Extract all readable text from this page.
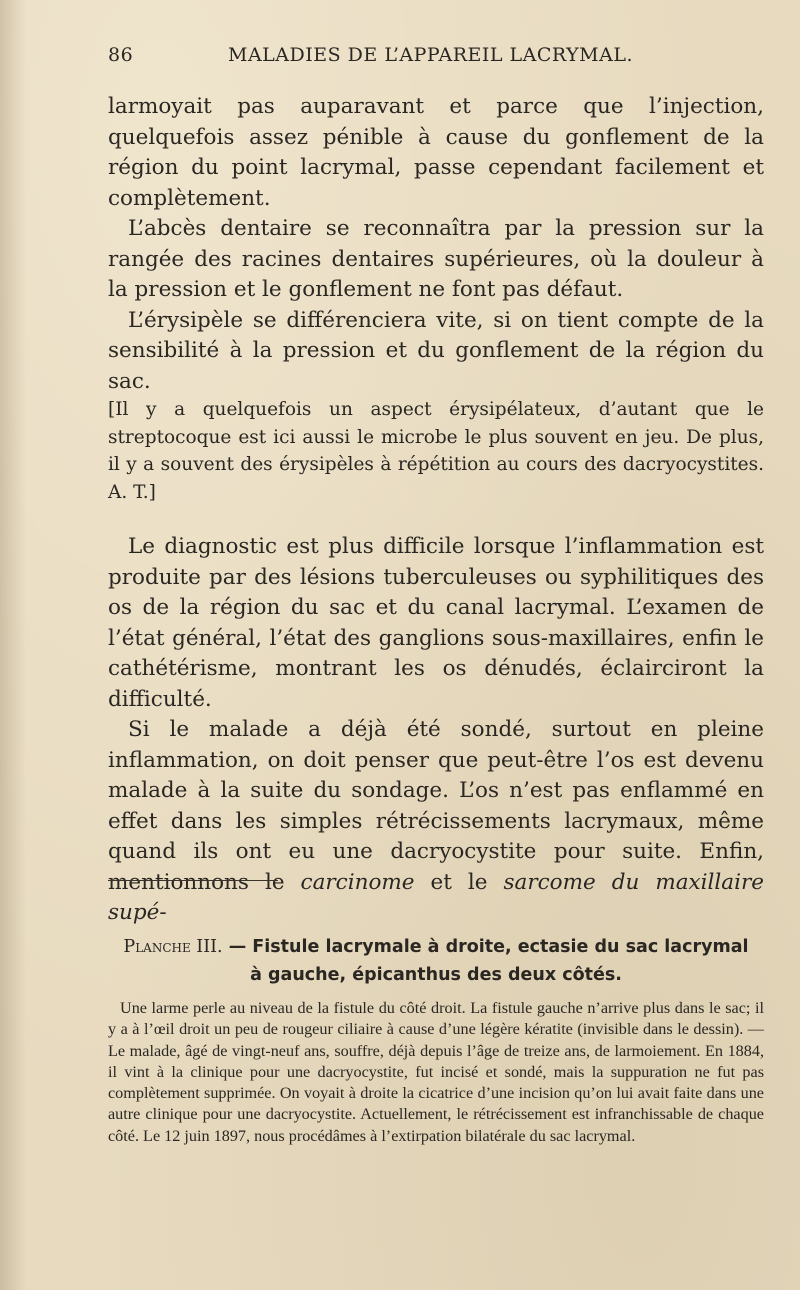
86	MALADIES DE L’APPAREIL LACRYMAL.

larmoyait pas auparavant et parce que l’injection, quelquefois assez pénible à cause du gonflement de la région du point lacrymal, passe cependant facilement et complètement.

L’abcès dentaire se reconnaîtra par la pression sur la rangée des racines dentaires supérieures, où la douleur à la pression et le gonflement ne font pas défaut.

L’érysipèle se différenciera vite, si on tient compte de la sensibilité à la pression et du gonflement de la région du sac.

[Il y a quelquefois un aspect érysipélateux, d’autant que le streptocoque est ici aussi le microbe le plus souvent en jeu. De plus, il y a souvent des érysipèles à répétition au cours des dacryocystites. A. T.]

Le diagnostic est plus difficile lorsque l’inflammation est produite par des lésions tuberculeuses ou syphilitiques des os de la région du sac et du canal lacrymal. L’examen de l’état général, l’état des ganglions sous-maxillaires, enfin le cathétérisme, montrant les os dénudés, éclairciront la difficulté.

Si le malade a déjà été sondé, surtout en pleine inflammation, on doit penser que peut-être l’os est devenu malade à la suite du sondage. L’os n’est pas enflammé en effet dans les simples rétrécissements lacrymaux, même quand ils ont eu une dacryocystite pour suite. Enfin, mentionnons le carcinome et le sarcome du maxillaire supé-

Planche III. — Fistule lacrymale à droite, ectasie du sac lacrymal
à gauche, épicanthus des deux côtés.

Une larme perle au niveau de la fistule du côté droit. La fistule gauche n’arrive plus dans le sac; il y a à l’œil droit un peu de rougeur ciliaire à cause d’une légère kératite (invisible dans le dessin). — Le malade, âgé de vingt-neuf ans, souffre, déjà depuis l’âge de treize ans, de larmoiement. En 1884, il vint à la clinique pour une dacryocystite, fut incisé et sondé, mais la suppuration ne fut pas complètement supprimée. On voyait à droite la cicatrice d’une incision qu’on lui avait faite dans une autre clinique pour une dacryocystite. Actuellement, le rétrécissement est infranchissable de chaque côté. Le 12 juin 1897, nous procédâmes à l’extirpation bilatérale du sac lacrymal.
